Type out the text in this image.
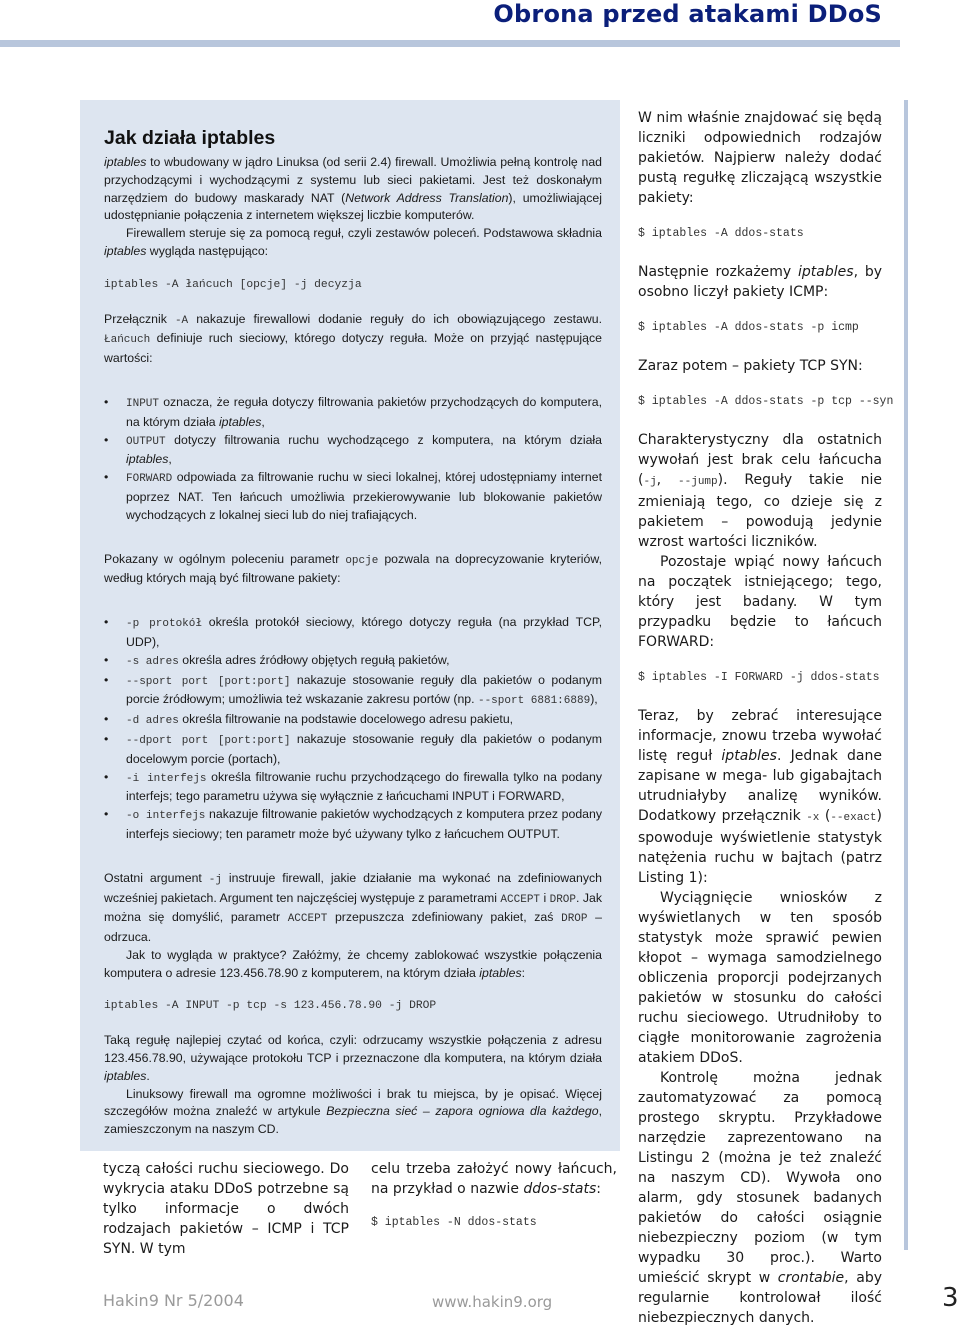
Obrona przed atakami DDoS
Jak działa iptables

iptables to wbudowany w jądro Linuksa (od serii 2.4) firewall. Umożliwia pełną kontrolę nad przychodzącymi i wychodzącymi z systemu lub sieci pakietami. Jest też doskonałym narzędziem do budowy maskarady NAT (Network Address Translation), umożliwiającej udostępnianie połączenia z internetem większej liczbie komputerów.

Firewallem steruje się za pomocą reguł, czyli zestawów poleceń. Podstawowa składnia iptables wygląda następująco:

iptables -A łańcuch [opcje] -j decyzja

Przełącznik -A nakazuje firewallowi dodanie reguły do ich obowiązującego zestawu. Łańcuch definiuje ruch sieciowy, którego dotyczy reguła. Może on przyjąć następujące wartości:

• INPUT oznacza, że reguła dotyczy filtrowania pakietów przychodzących do komputera, na którym działa iptables,
• OUTPUT dotyczy filtrowania ruchu wychodzącego z komputera, na którym działa iptables,
• FORWARD odpowiada za filtrowanie ruchu w sieci lokalnej, której udostępniamy internet poprzez NAT. Ten łańcuch umożliwia przekierowywanie lub blokowanie pakietów wychodzących z lokalnej sieci lub do niej trafiających.

Pokazany w ogólnym poleceniu parametr opcje pozwala na doprecyzowanie kryteriów, według których mają być filtrowane pakiety:

• -p protokół określa protokół sieciowy, którego dotyczy reguła (na przykład TCP, UDP),
• -s adres określa adres źródłowy objętych regułą pakietów,
• --sport port [port:port] nakazuje stosowanie reguły dla pakietów o podanym porcie źródłowym; umożliwia też wskazanie zakresu portów (np. --sport 6881:6889),
• -d adres określa filtrowanie na podstawie docelowego adresu pakietu,
• --dport port [port:port] nakazuje stosowanie reguły dla pakietów o podanym docelowym porcie (portach),
• -i interfejs określa filtrowanie ruchu przychodzącego do firewalla tylko na podany interfejs; tego parametru używa się wyłącznie z łańcuchami INPUT i FORWARD,
• -o interfejs nakazuje filtrowanie pakietów wychodzących z komputera przez podany interfejs sieciowy; ten parametr może być używany tylko z łańcuchem OUTPUT.

Ostatni argument -j instruuje firewall, jakie działanie ma wykonać na zdefiniowanych wcześniej pakietach. Argument ten najczęściej występuje z parametrami ACCEPT i DROP. Jak można się domyślić, parametr ACCEPT przepuszcza zdefiniowany pakiet, zaś DROP – odrzuca.

Jak to wygląda w praktyce? Załóżmy, że chcemy zablokować wszystkie połączenia komputera o adresie 123.456.78.90 z komputerem, na którym działa iptables:

iptables -A INPUT -p tcp -s 123.456.78.90 -j DROP

Taką regułę najlepiej czytać od końca, czyli: odrzucamy wszystkie połączenia z adresu 123.456.78.90, używające protokołu TCP i przeznaczone dla komputera, na którym działa iptables.

Linuksowy firewall ma ogromne możliwości i brak tu miejsca, by je opisać. Więcej szczegółów można znaleźć w artykule Bezpieczna sieć – zapora ogniowa dla każdego, zamieszczonym na naszym CD.

tyczą całości ruchu sieciowego. Do wykrycia ataku DDoS potrzebne są tylko informacje o dwóch rodzajach pakietów – ICMP i TCP SYN. W tym

celu trzeba założyć nowy łańcuch, na przykład o nazwie ddos-stats:

$ iptables -N ddos-stats

W nim właśnie znajdować się będą liczniki odpowiednich rodzajów pakietów. Najpierw należy dodać pustą regułkę zliczającą wszystkie pakiety:

$ iptables -A ddos-stats

Następnie rozkażemy iptables, by osobno liczył pakiety ICMP:

$ iptables -A ddos-stats -p icmp

Zaraz potem – pakiety TCP SYN:

$ iptables -A ddos-stats -p tcp --syn

Charakterystyczny dla ostatnich wywołań jest brak celu łańcucha (-j, --jump). Reguły takie nie zmieniają tego, co dzieje się z pakietem – powodują jedynie wzrost wartości liczników.

Pozostaje wpiąć nowy łańcuch na początek istniejącego; tego, który jest badany. W tym przypadku będzie to łańcuch FORWARD:

$ iptables -I FORWARD -j ddos-stats

Teraz, by zebrać interesujące informacje, znowu trzeba wywołać listę reguł iptables. Jednak dane zapisane w mega- lub gigabajtach utrudniałyby analizę wyników. Dodatkowy przełącznik -x (--exact) spowoduje wyświetlenie statystyk natężenia ruchu w bajtach (patrz Listing 1):

Wyciągnięcie wniosków z wyświetlanych w ten sposób statystyk może sprawić pewien kłopot – wymaga samodzielnego obliczenia proporcji podejrzanych pakietów w stosunku do całości ruchu sieciowego. Utrudniłoby to ciągłe monitorowanie zagrożenia atakiem DDoS.

Kontrolę można jednak zautomatyzować za pomocą prostego skryptu. Przykładowe narzędzie zaprezentowano na Listingu 2 (można je też znaleźć na naszym CD). Wywoła ono alarm, gdy stosunek badanych pakietów do całości osiągnie niebezpieczny poziom (w tym wypadku 30 proc.). Warto umieścić skrypt w crontabie, aby regularnie kontrolował ilość niebezpiecznych danych.

Hakin9 Nr 5/2004	www.hakin9.org	3
